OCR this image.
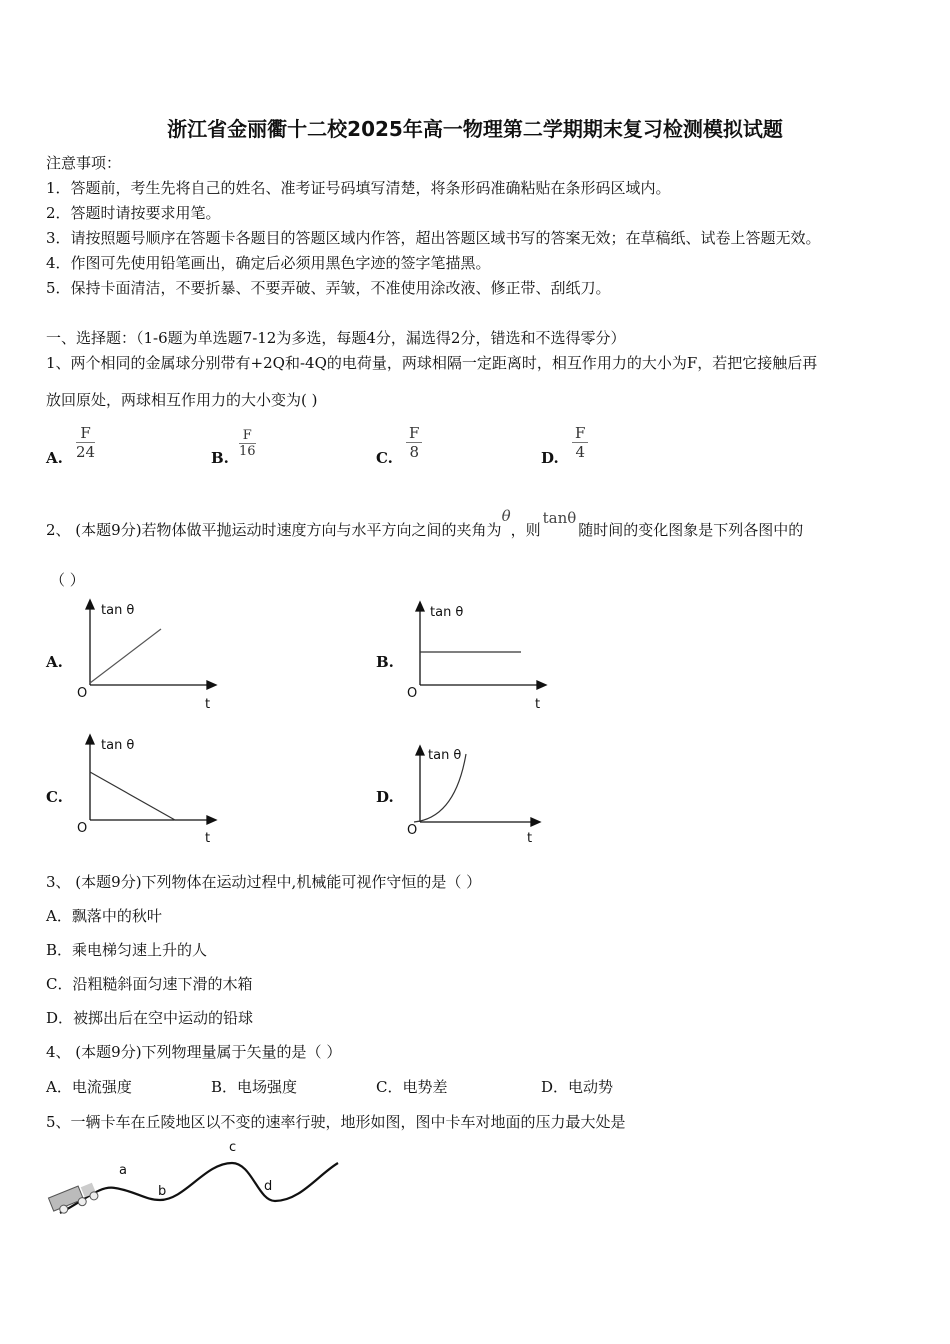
浙江省金丽衢十二校2025年高一物理第二学期期末复习检测模拟试题
注意事项：
1．答题前，考生先将自己的姓名、准考证号码填写清楚，将条形码准确粘贴在条形码区域内。
2．答题时请按要求用笔。
3．请按照题号顺序在答题卡各题目的答题区域内作答，超出答题区域书写的答案无效；在草稿纸、试卷上答题无效。
4．作图可先使用铅笔画出，确定后必须用黑色字迹的签字笔描黑。
5．保持卡面清洁，不要折暴、不要弄破、弄皱，不准使用涂改液、修正带、刮纸刀。
一、选择题：（1-6题为单选题7-12为多选，每题4分，漏选得2分，错选和不选得零分）
1、两个相同的金属球分别带有+2Q和-4Q的电荷量，两球相隔一定距离时，相互作用力的大小为F，若把它接触后再
放回原处，两球相互作用力的大小变为( )
A. $\frac{F}{24}$	B. $\frac{F}{16}$	C. $\frac{F}{8}$	D. $\frac{F}{4}$
2、 (本题9分)若物体做平抛运动时速度方向与水平方向之间的夹角为θ，则tanθ随时间的变化图象是下列各图中的
（ ）
A.
tan θ
O
t
B.
tan θ
O
t
C.
tan θ
O
t
D.
tan θ
O
t
3、 (本题9分)下列物体在运动过程中,机械能可视作守恒的是（ ）
A．飘落中的秋叶
B．乘电梯匀速上升的人
C．沿粗糙斜面匀速下滑的木箱
D．被掷出后在空中运动的铅球
4、 (本题9分)下列物理量属于矢量的是（ ）
A．电流强度	B．电场强度	C．电势差	D．电动势
5、一辆卡车在丘陵地区以不变的速率行驶，地形如图，图中卡车对地面的压力最大处是
a
b
c
d
